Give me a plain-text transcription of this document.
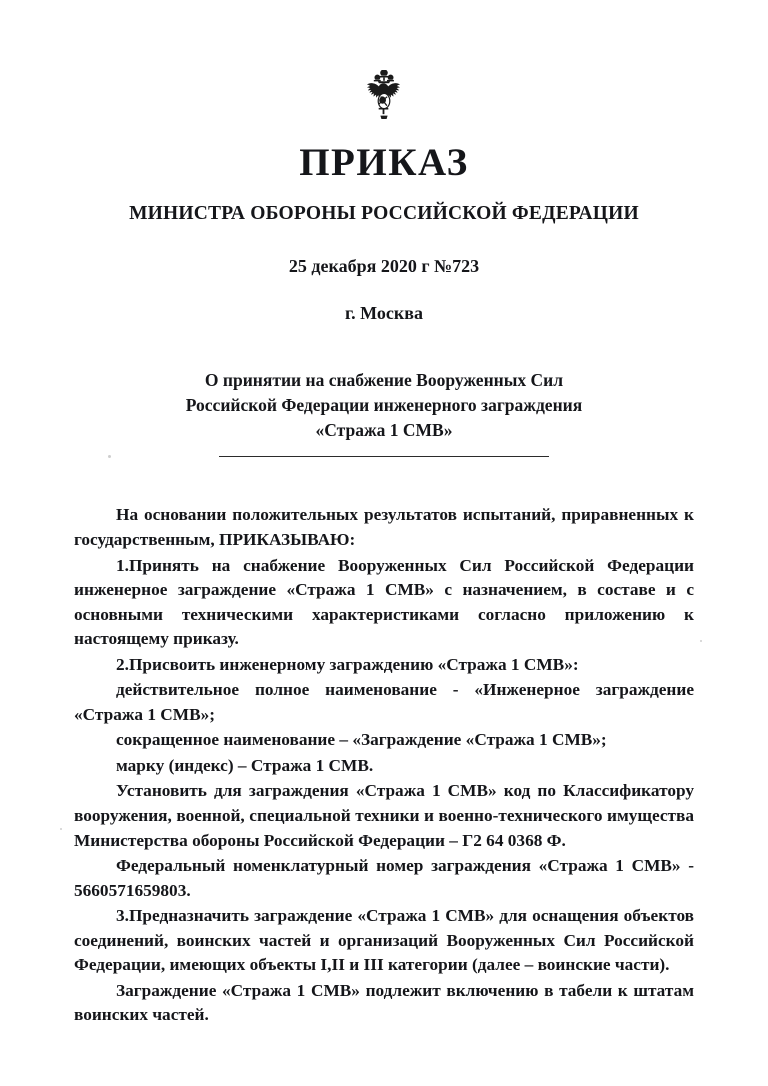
ПРИКАЗ
МИНИСТРА ОБОРОНЫ РОССИЙСКОЙ ФЕДЕРАЦИИ
25 декабря 2020 г №723
г. Москва
О принятии на снабжение Вооруженных Сил Российской Федерации инженерного заграждения «Стража 1 СМВ»

На основании положительных результатов испытаний, приравненных к государственным, ПРИКАЗЫВАЮ:

1.Принять на снабжение Вооруженных Сил Российской Федерации инженерное заграждение «Стража 1 СМВ» с назначением, в составе и с основными техническими характеристиками согласно приложению к настоящему приказу.

2.Присвоить инженерному заграждению «Стража 1 СМВ»:

действительное полное наименование - «Инженерное заграждение «Стража 1 СМВ»;

сокращенное наименование – «Заграждение «Стража 1 СМВ»;

марку (индекс) – Стража 1 СМВ.

Установить для заграждения «Стража 1 СМВ» код по Классификатору вооружения, военной, специальной техники и военно-технического имущества Министерства обороны Российской Федерации – Г2 64 0368 Ф.

Федеральный номенклатурный номер заграждения «Стража 1 СМВ» - 5660571659803.

3.Предназначить заграждение «Стража 1 СМВ» для оснащения объектов соединений, воинских частей и организаций Вооруженных Сил Российской Федерации, имеющих объекты I,II и III категории (далее – воинские части).

Заграждение «Стража 1 СМВ» подлежит включению в табели к штатам воинских частей.
